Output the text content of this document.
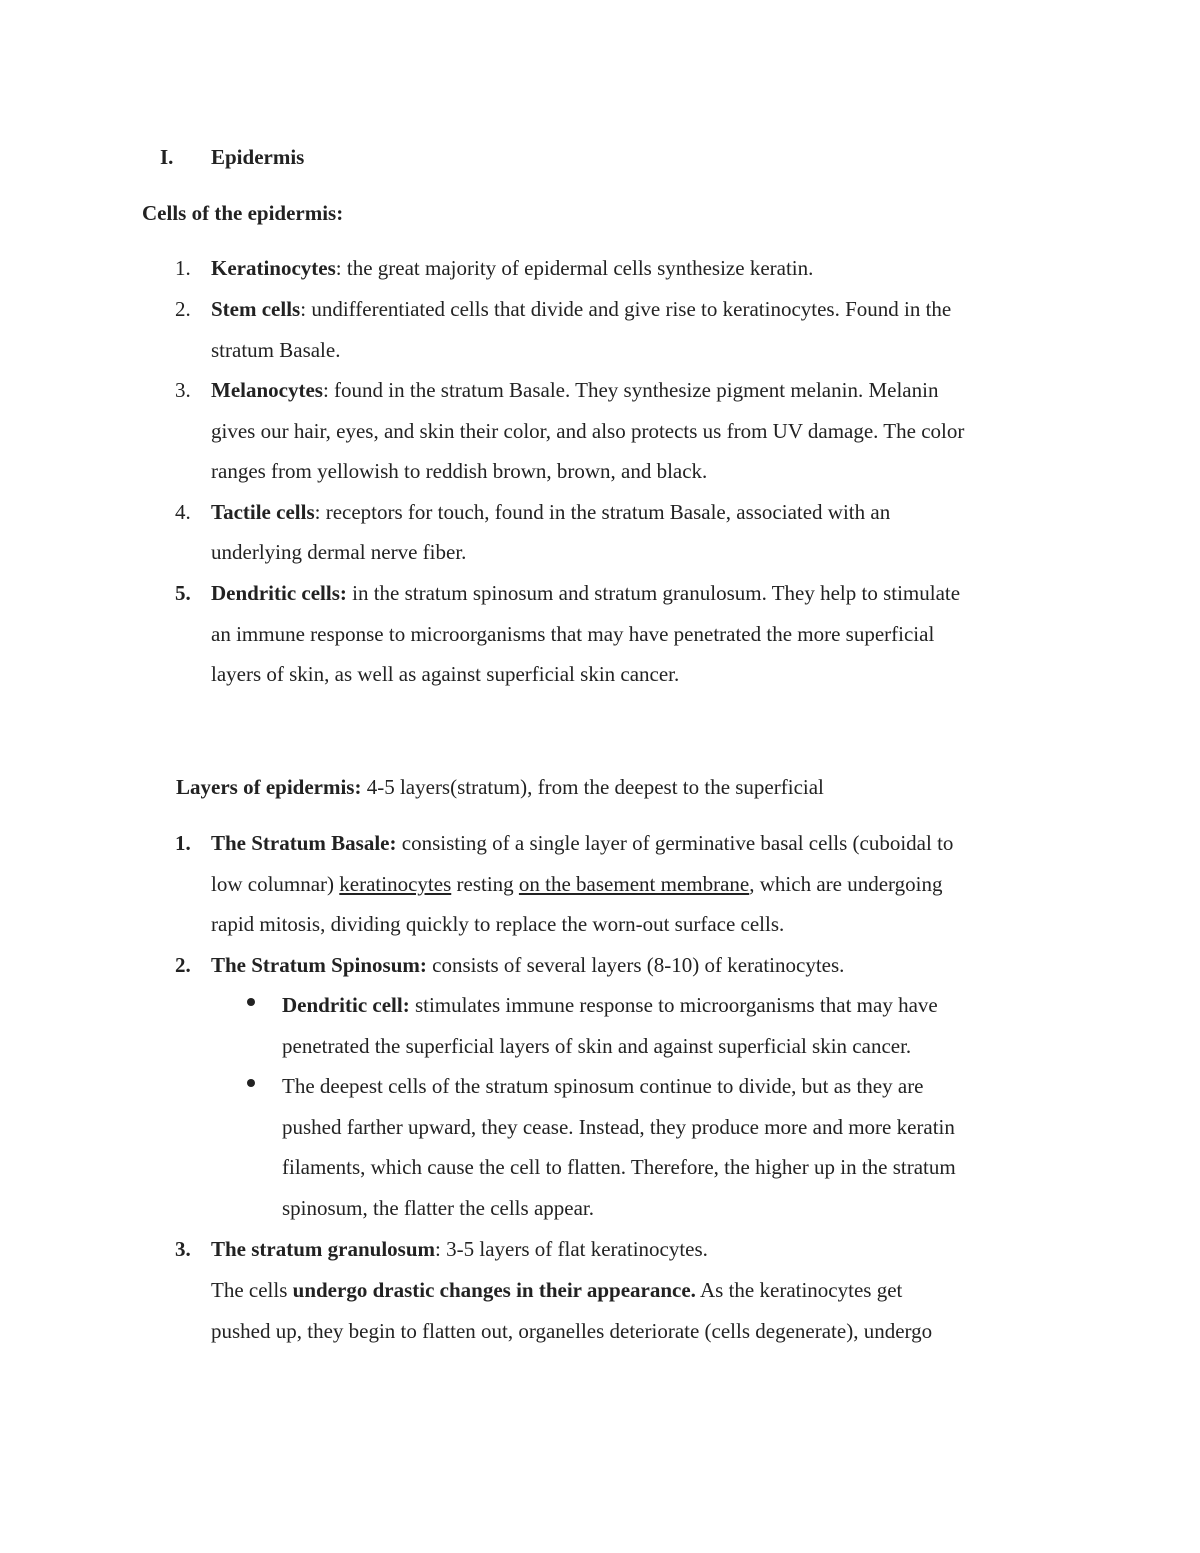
I. Epidermis
Cells of the epidermis:
1. Keratinocytes: the great majority of epidermal cells synthesize keratin.
2. Stem cells: undifferentiated cells that divide and give rise to keratinocytes. Found in the
stratum Basale.
3. Melanocytes: found in the stratum Basale. They synthesize pigment melanin. Melanin
gives our hair, eyes, and skin their color, and also protects us from UV damage. The color
ranges from yellowish to reddish brown, brown, and black.
4. Tactile cells: receptors for touch, found in the stratum Basale, associated with an
underlying dermal nerve fiber.
5. Dendritic cells: in the stratum spinosum and stratum granulosum. They help to stimulate
an immune response to microorganisms that may have penetrated the more superficial
layers of skin, as well as against superficial skin cancer.
Layers of epidermis: 4-5 layers(stratum), from the deepest to the superficial
1. The Stratum Basale: consisting of a single layer of germinative basal cells (cuboidal to
low columnar) keratinocytes resting on the basement membrane, which are undergoing
rapid mitosis, dividing quickly to replace the worn-out surface cells.
2. The Stratum Spinosum: consists of several layers (8-10) of keratinocytes.
Dendritic cell: stimulates immune response to microorganisms that may have
penetrated the superficial layers of skin and against superficial skin cancer.
The deepest cells of the stratum spinosum continue to divide, but as they are
pushed farther upward, they cease. Instead, they produce more and more keratin
filaments, which cause the cell to flatten. Therefore, the higher up in the stratum
spinosum, the flatter the cells appear.
3. The stratum granulosum: 3-5 layers of flat keratinocytes.
The cells undergo drastic changes in their appearance. As the keratinocytes get
pushed up, they begin to flatten out, organelles deteriorate (cells degenerate), undergo
